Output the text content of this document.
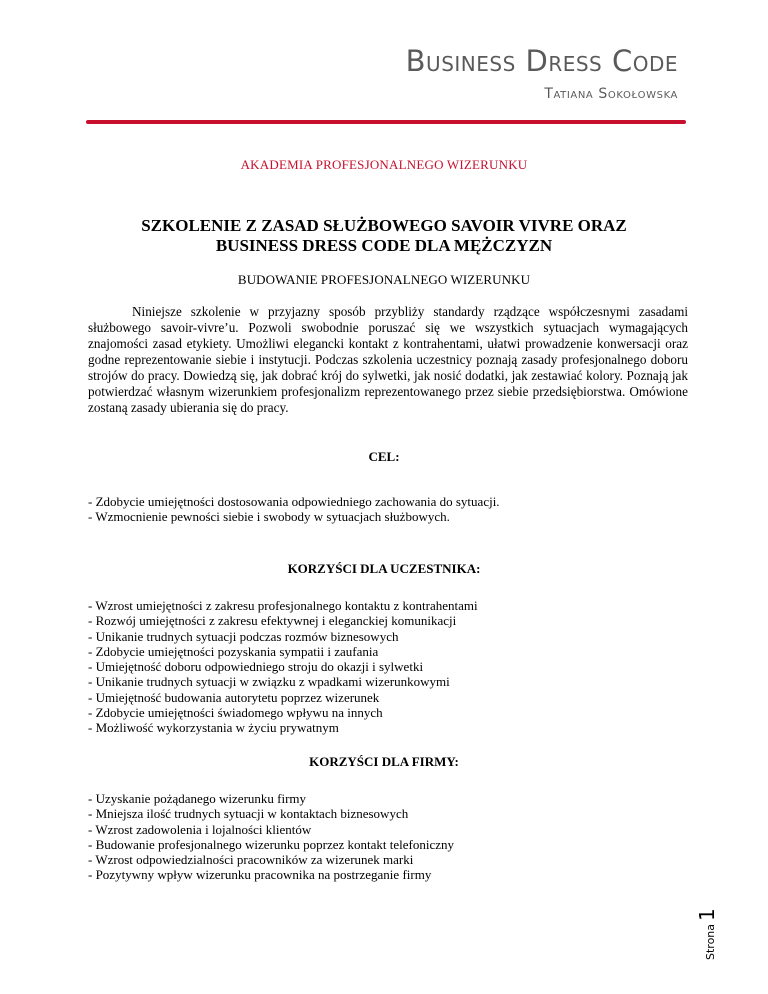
Business Dress Code
Tatiana Sokołowska
AKADEMIA PROFESJONALNEGO WIZERUNKU
SZKOLENIE Z ZASAD SŁUŻBOWEGO SAVOIR VIVRE ORAZ
BUSINESS DRESS CODE DLA MĘŻCZYZN
BUDOWANIE PROFESJONALNEGO WIZERUNKU

Niniejsze szkolenie w przyjazny sposób przybliży standardy rządzące współczesnymi zasadami służbowego savoir-vivre’u. Pozwoli swobodnie poruszać się we wszystkich sytuacjach wymagających znajomości zasad etykiety. Umożliwi elegancki kontakt z kontrahentami, ułatwi prowadzenie konwersacji oraz godne reprezentowanie siebie i instytucji. Podczas szkolenia uczestnicy poznają zasady profesjonalnego doboru strojów do pracy. Dowiedzą się, jak dobrać krój do sylwetki, jak nosić dodatki, jak zestawiać kolory. Poznają jak potwierdzać własnym wizerunkiem profesjonalizm reprezentowanego przez siebie przedsiębiorstwa. Omówione zostaną zasady ubierania się do pracy.

CEL:
- Zdobycie umiejętności dostosowania odpowiedniego zachowania do sytuacji.
- Wzmocnienie pewności siebie i swobody w sytuacjach służbowych.
KORZYŚCI DLA UCZESTNIKA:
- Wzrost umiejętności z zakresu profesjonalnego kontaktu z kontrahentami
- Rozwój umiejętności z zakresu efektywnej i eleganckiej komunikacji
- Unikanie trudnych sytuacji podczas rozmów biznesowych
- Zdobycie umiejętności pozyskania sympatii i zaufania
- Umiejętność doboru odpowiedniego stroju do okazji i sylwetki
- Unikanie trudnych sytuacji w związku z wpadkami wizerunkowymi
- Umiejętność budowania autorytetu poprzez wizerunek
- Zdobycie umiejętności świadomego wpływu na innych
- Możliwość wykorzystania w życiu prywatnym
KORZYŚCI DLA FIRMY:
- Uzyskanie pożądanego wizerunku firmy
- Mniejsza ilość trudnych sytuacji w kontaktach biznesowych
- Wzrost zadowolenia i lojalności klientów
- Budowanie profesjonalnego wizerunku poprzez kontakt telefoniczny
- Wzrost odpowiedzialności pracowników za wizerunek marki
- Pozytywny wpływ wizerunku pracownika na postrzeganie firmy
Strona
1
